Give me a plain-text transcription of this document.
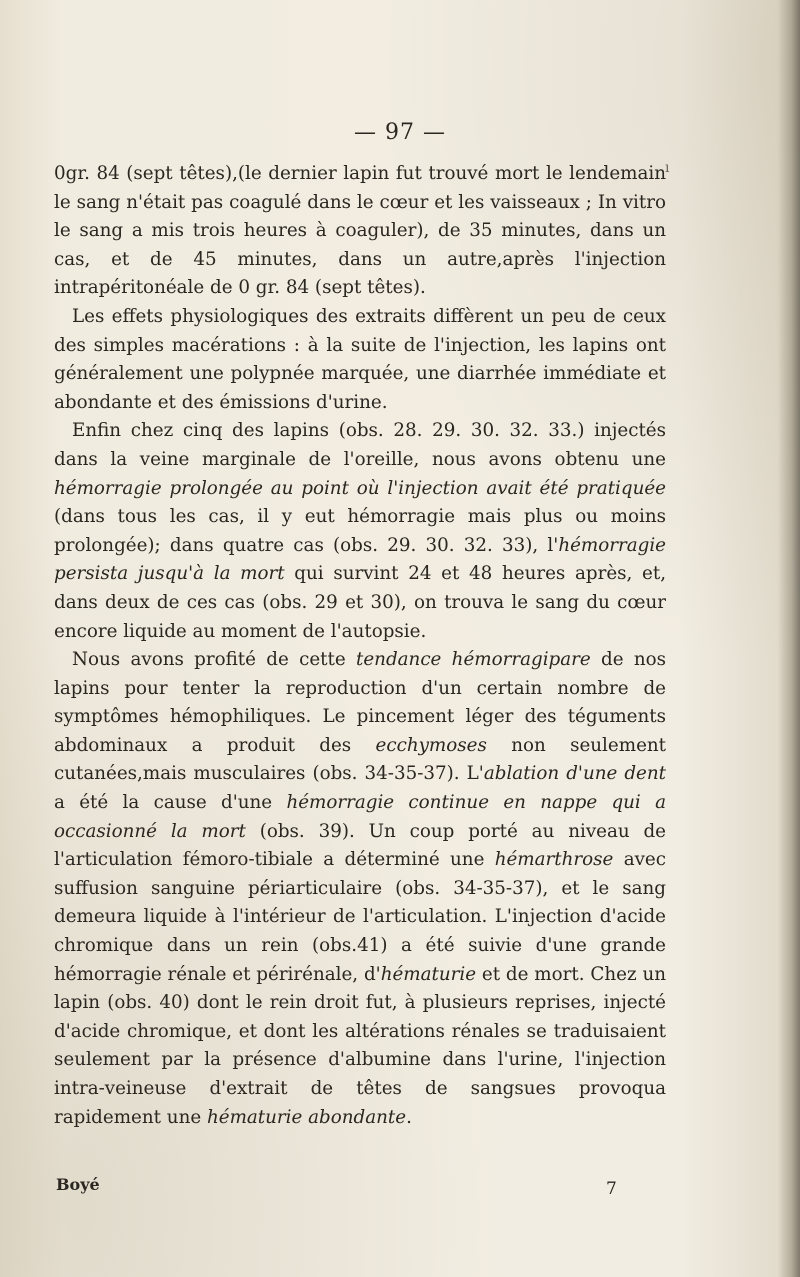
— 97 —
ı

0gr. 84 (sept têtes),(le dernier lapin fut trouvé mort le lendemain le sang n'était pas coagulé dans le cœur et les vaisseaux ; In vitro le sang a mis trois heures à coaguler), de 35 minutes, dans un cas, et de 45 minutes, dans un autre,après l'injection intrapéritonéale de 0 gr. 84 (sept têtes).

Les effets physiologiques des extraits diffèrent un peu de ceux des simples macérations : à la suite de l'injection, les lapins ont généralement une polypnée marquée, une diarrhée immédiate et abondante et des émissions d'urine.

Enfin chez cinq des lapins (obs. 28. 29. 30. 32. 33.) injectés dans la veine marginale de l'oreille, nous avons obtenu une hémorragie prolongée au point où l'injection avait été pratiquée (dans tous les cas, il y eut hémorragie mais plus ou moins prolongée); dans quatre cas (obs. 29. 30. 32. 33), l'hémorragie persista jusqu'à la mort qui survint 24 et 48 heures après, et, dans deux de ces cas (obs. 29 et 30), on trouva le sang du cœur encore liquide au moment de l'autopsie.

Nous avons profité de cette tendance hémorragipare de nos lapins pour tenter la reproduction d'un certain nombre de symptômes hémophiliques. Le pincement léger des téguments abdominaux a produit des ecchymoses non seulement cutanées,mais musculaires (obs. 34-35-37). L'ablation d'une dent a été la cause d'une hémorragie continue en nappe qui a occasionné la mort (obs. 39). Un coup porté au niveau de l'articulation fémoro-tibiale a déterminé une hémarthrose avec suffusion sanguine périarticulaire (obs. 34-35-37), et le sang demeura liquide à l'intérieur de l'articulation. L'injection d'acide chromique dans un rein (obs.41) a été suivie d'une grande hémorragie rénale et périrénale, d'hématurie et de mort. Chez un lapin (obs. 40) dont le rein droit fut, à plusieurs reprises, injecté d'acide chromique, et dont les altérations rénales se traduisaient seulement par la présence d'albumine dans l'urine, l'injection intra-veineuse d'extrait de têtes de sangsues provoqua rapidement une hématurie abondante.

Boyé	7
